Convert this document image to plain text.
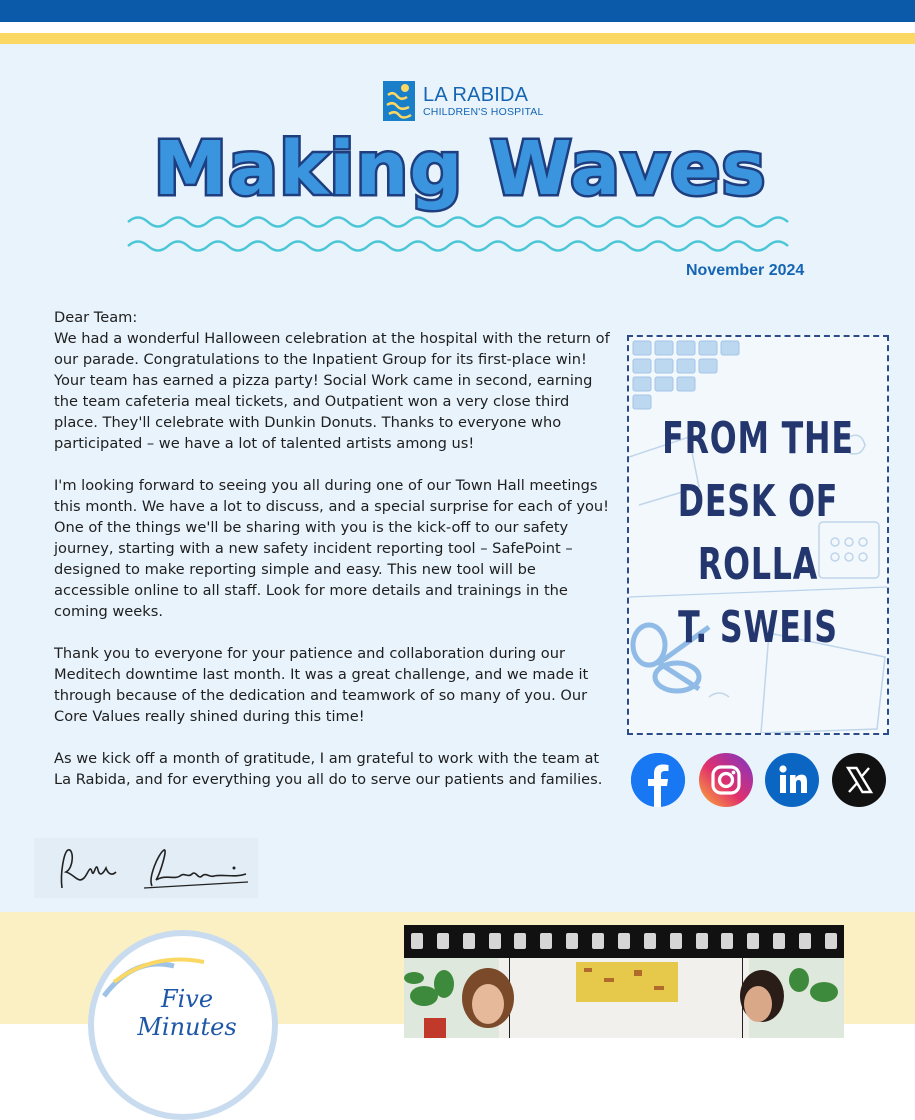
LA RABIDA
CHILDREN'S HOSPITAL
Making Waves
November 2024

Dear Team:

We had a wonderful Halloween celebration at the hospital with the return of our parade. Congratulations to the Inpatient Group for its first-place win! Your team has earned a pizza party! Social Work came in second, earning the team cafeteria meal tickets, and Outpatient won a very close third place. They'll celebrate with Dunkin Donuts. Thanks to everyone who participated – we have a lot of talented artists among us!

I'm looking forward to seeing you all during one of our Town Hall meetings this month. We have a lot to discuss, and a special surprise for each of you! One of the things we'll be sharing with you is the kick-off to our safety journey, starting with a new safety incident reporting tool – SafePoint – designed to make reporting simple and easy. This new tool will be accessible online to all staff. Look for more details and trainings in the coming weeks.

Thank you to everyone for your patience and collaboration during our Meditech downtime last month. It was a great challenge, and we made it through because of the dedication and teamwork of so many of you. Our Core Values really shined during this time!

As we kick off a month of gratitude, I am grateful to work with the team at La Rabida, and for everything you all do to serve our patients and families.

FROM THE
DESK OF
ROLLA
T. SWEIS
Five Minutes
